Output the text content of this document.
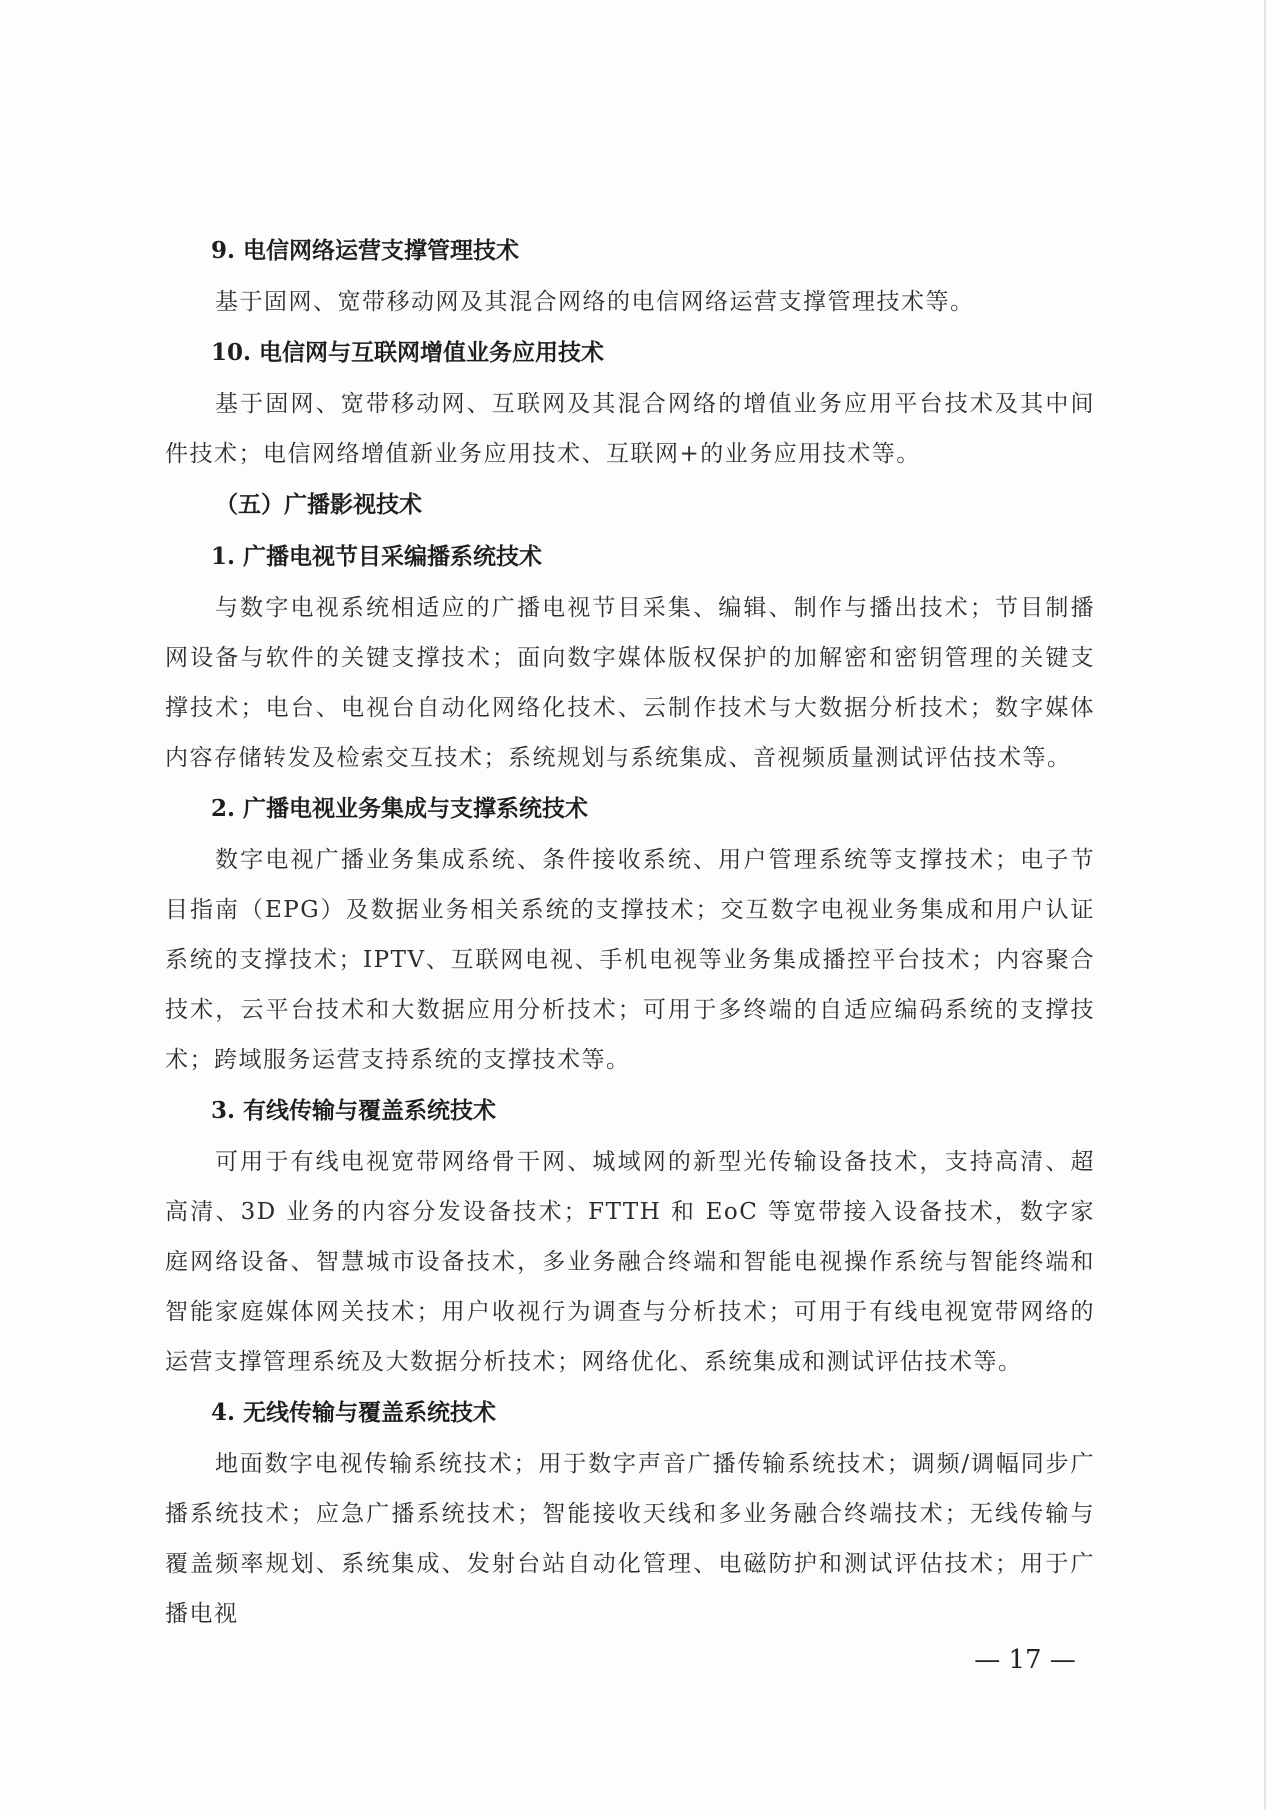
9. 电信网络运营支撑管理技术

基于固网、宽带移动网及其混合网络的电信网络运营支撑管理技术等。

10. 电信网与互联网增值业务应用技术

基于固网、宽带移动网、互联网及其混合网络的增值业务应用平台技术及其中间件技术；电信网络增值新业务应用技术、互联网+的业务应用技术等。

（五）广播影视技术

1. 广播电视节目采编播系统技术

与数字电视系统相适应的广播电视节目采集、编辑、制作与播出技术；节目制播网设备与软件的关键支撑技术；面向数字媒体版权保护的加解密和密钥管理的关键支撑技术；电台、电视台自动化网络化技术、云制作技术与大数据分析技术；数字媒体内容存储转发及检索交互技术；系统规划与系统集成、音视频质量测试评估技术等。

2. 广播电视业务集成与支撑系统技术

数字电视广播业务集成系统、条件接收系统、用户管理系统等支撑技术；电子节目指南（EPG）及数据业务相关系统的支撑技术；交互数字电视业务集成和用户认证系统的支撑技术；IPTV、互联网电视、手机电视等业务集成播控平台技术；内容聚合技术，云平台技术和大数据应用分析技术；可用于多终端的自适应编码系统的支撑技术；跨域服务运营支持系统的支撑技术等。

3. 有线传输与覆盖系统技术

可用于有线电视宽带网络骨干网、城域网的新型光传输设备技术，支持高清、超高清、3D 业务的内容分发设备技术；FTTH 和 EoC 等宽带接入设备技术，数字家庭网络设备、智慧城市设备技术，多业务融合终端和智能电视操作系统与智能终端和智能家庭媒体网关技术；用户收视行为调查与分析技术；可用于有线电视宽带网络的运营支撑管理系统及大数据分析技术；网络优化、系统集成和测试评估技术等。

4. 无线传输与覆盖系统技术

地面数字电视传输系统技术；用于数字声音广播传输系统技术；调频/调幅同步广播系统技术；应急广播系统技术；智能接收天线和多业务融合终端技术；无线传输与覆盖频率规划、系统集成、发射台站自动化管理、电磁防护和测试评估技术；用于广播电视

— 17 —
